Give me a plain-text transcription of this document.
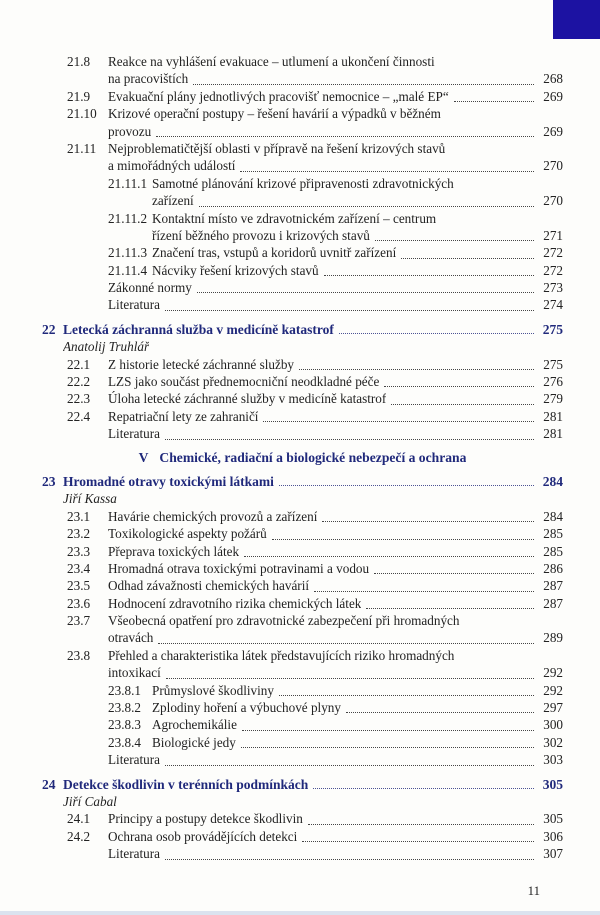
21.8	Reakce na vyhlášení evakuace – utlumení a ukončení činnosti
na pracovištích	268
21.9	Evakuační plány jednotlivých pracovišť nemocnice – „malé EP“	269
21.10 Krizové operační postupy – řešení havárií a výpadků v běžném
provozu	269
21.11 Nejproblematičtější oblasti v přípravě na řešení krizových stavů
a mimořádných událostí	270
21.11.1 Samotné plánování krizové připravenosti zdravotnických
zařízení	270
21.11.2 Kontaktní místo ve zdravotnickém zařízení – centrum
řízení běžného provozu i krizových stavů	271
21.11.3 Značení tras, vstupů a koridorů uvnitř zařízení	272
21.11.4 Nácviky řešení krizových stavů	272
Zákonné normy	273
Literatura	274
22 Letecká záchranná služba v medicíně katastrof	275
Anatolij Truhlář
22.1	Z historie letecké záchranné služby	275
22.2	LZS jako součást přednemocniční neodkladné péče	276
22.3	Úloha letecké záchranné služby v medicíně katastrof	279
22.4	Repatriační lety ze zahraničí	281
Literatura	281
V Chemické, radiační a biologické nebezpečí a ochrana
23 Hromadné otravy toxickými látkami	284
Jiří Kassa
23.1	Havárie chemických provozů a zařízení	284
23.2	Toxikologické aspekty požárů	285
23.3	Přeprava toxických látek	285
23.4	Hromadná otrava toxickými potravinami a vodou	286
23.5	Odhad závažnosti chemických havárií	287
23.6	Hodnocení zdravotního rizika chemických látek	287
23.7	Všeobecná opatření pro zdravotnické zabezpečení při hromadných
otravách	289
23.8	Přehled a charakteristika látek představujících riziko hromadných
intoxikací	292
23.8.1 Průmyslové škodliviny	292
23.8.2 Zplodiny hoření a výbuchové plyny	297
23.8.3 Agrochemikálie	300
23.8.4 Biologické jedy	302
Literatura	303
24 Detekce škodlivin v terénních podmínkách	305
Jiří Cabal
24.1	Principy a postupy detekce škodlivin	305
24.2	Ochrana osob provádějících detekci	306
Literatura	307
11
